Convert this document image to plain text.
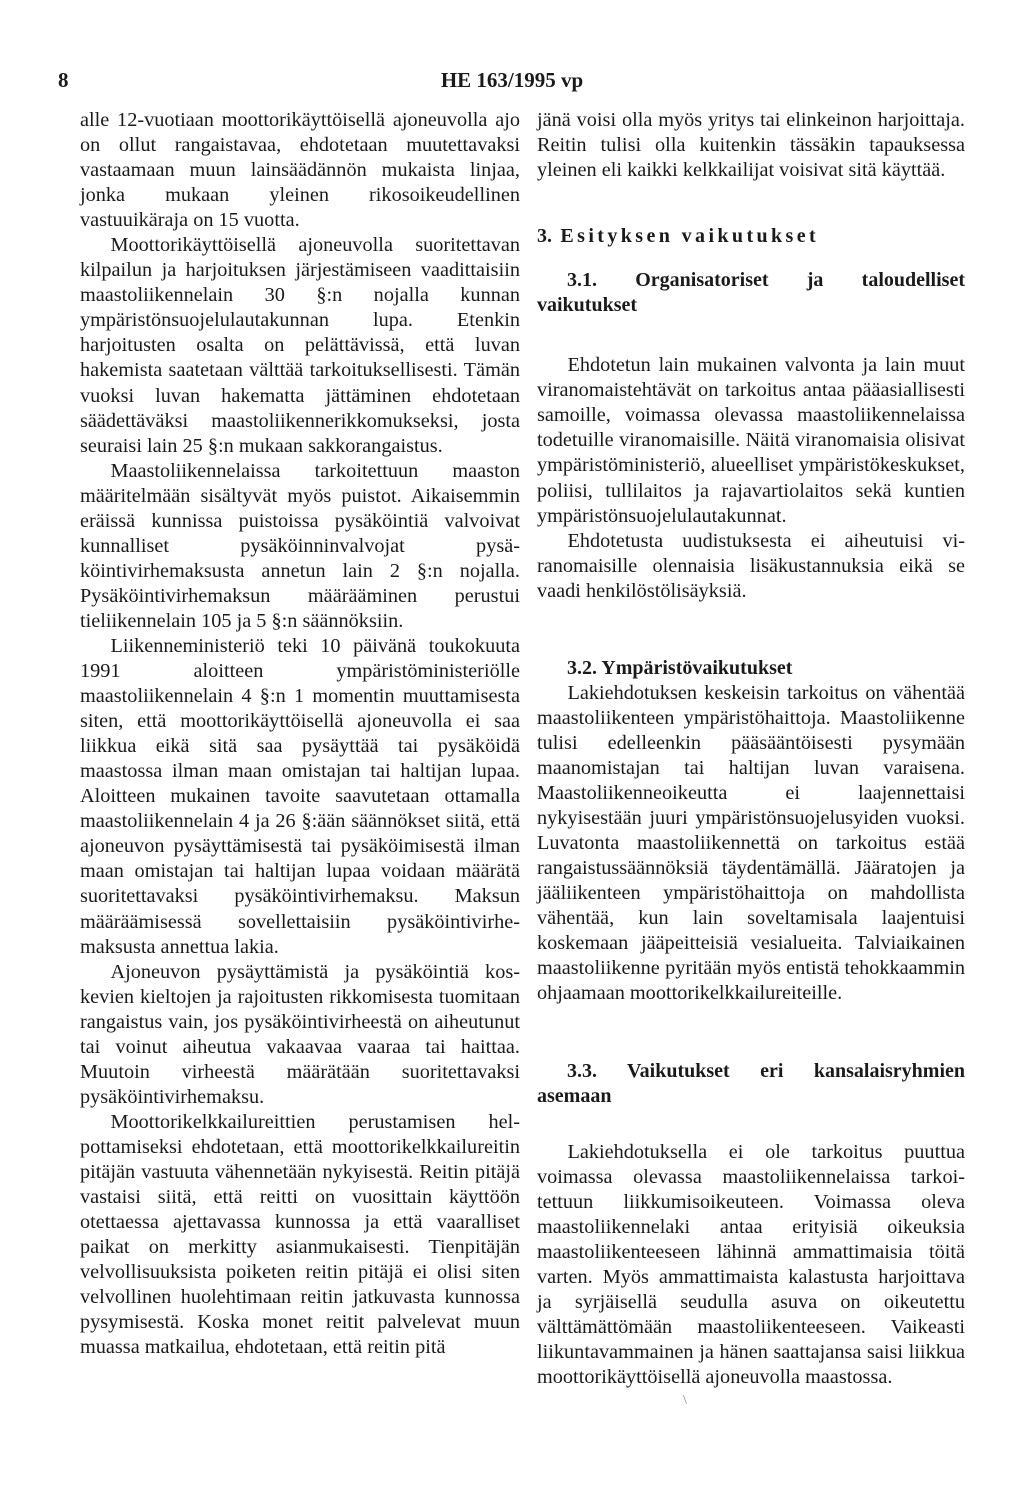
8	HE 163/1995 vp

alle 12-vuotiaan moottorikäyttöisellä ajoneuvolla ajo on ollut rangaistavaa, ehdotetaan muutettavaksi vastaamaan muun lainsäädännön mukaista linjaa, jonka mukaan yleinen rikosoikeudellinen vastuuikäraja on 15 vuotta.

Moottorikäyttöisellä ajoneuvolla suoritettavan kilpailun ja harjoituksen järjestämiseen vaadittaisiin maastoliikennelain 30 §:n nojalla kunnan ympäristönsuojelulautakunnan lupa. Etenkin harjoitusten osalta on pelättävissä, että luvan hakemista saatetaan välttää tarkoituksellisesti. Tämän vuoksi luvan hakematta jättäminen ehdotetaan säädettäväksi maastoliikennerikkomukseksi, josta seuraisi lain 25 §:n mukaan sakkorangaistus.

Maastoliikennelaissa tarkoitettuun maaston määritelmään sisältyvät myös puistot. Aikaisemmin eräissä kunnissa puistoissa pysäköintiä valvoivat kunnalliset pysäköinninvalvojat pysäköintivirhemaksusta annetun lain 2 §:n nojalla. Pysäköintivirhemaksun määrääminen perustui tieliikennelain 105 ja 5 §:n säännöksiin.

Liikenneministeriö teki 10 päivänä toukokuuta 1991 aloitteen ympäristöministeriölle maastoliikennelain 4 §:n 1 momentin muuttamisesta siten, että moottorikäyttöisellä ajoneuvolla ei saa liikkua eikä sitä saa pysäyttää tai pysäköidä maastossa ilman maan omistajan tai haltijan lupaa. Aloitteen mukainen tavoite saavutetaan ottamalla maastoliikennelain 4 ja 26 §:ään säännökset siitä, että ajoneuvon pysäyttämisestä tai pysäköimisestä ilman maan omistajan tai haltijan lupaa voidaan määrätä suoritettavaksi pysäköintivirhemaksu. Maksun määräämisessä sovellettaisiin pysäköintivirhemaksusta annettua lakia.

Ajoneuvon pysäyttämistä ja pysäköintiä koskevien kieltojen ja rajoitusten rikkomisesta tuomitaan rangaistus vain, jos pysäköintivirheestä on aiheutunut tai voinut aiheutua vakaavaa vaaraa tai haittaa. Muutoin virheestä määrätään suoritettavaksi pysäköintivirhemaksu.

Moottorikelkkailureittien perustamisen helpottamiseksi ehdotetaan, että moottorikelkkailureitin pitäjän vastuuta vähennetään nykyisestä. Reitin pitäjä vastaisi siitä, että reitti on vuosittain käyttöön otettaessa ajettavassa kunnossa ja että vaaralliset paikat on merkitty asianmukaisesti. Tienpitäjän velvollisuuksista poiketen reitin pitäjä ei olisi siten velvollinen huolehtimaan reitin jatkuvasta kunnossa pysymisestä. Koska monet reitit palvelevat muun muassa matkailua, ehdotetaan, että reitin pitä

jänä voisi olla myös yritys tai elinkeinon harjoittaja. Reitin tulisi olla kuitenkin tässäkin tapauksessa yleinen eli kaikki kelkkailijat voisivat sitä käyttää.

3. Esityksen vaikutukset

3.1. Organisatoriset ja taloudelliset vaikutukset

Ehdotetun lain mukainen valvonta ja lain muut viranomaistehtävät on tarkoitus antaa pääasiallisesti samoille, voimassa olevassa maastoliikennelaissa todetuille viranomaisille. Näitä viranomaisia olisivat ympäristöministeriö, alueelliset ympäristökeskukset, poliisi, tullilaitos ja rajavartiolaitos sekä kuntien ympäristönsuojelulautakunnat.

Ehdotetusta uudistuksesta ei aiheutuisi viranomaisille olennaisia lisäkustannuksia eikä se vaadi henkilöstölisäyksiä.

3.2. Ympäristövaikutukset

Lakiehdotuksen keskeisin tarkoitus on vähentää maastoliikenteen ympäristöhaittoja. Maastoliikenne tulisi edelleenkin pääsääntöisesti pysymään maanomistajan tai haltijan luvan varaisena. Maastoliikenneoikeutta ei laajennettaisi nykyisestään juuri ympäristönsuojelusyiden vuoksi. Luvatonta maastoliikennettä on tarkoitus estää rangaistussäännöksiä täydentämällä. Jääratojen ja jääliikenteen ympäristöhaittoja on mahdollista vähentää, kun lain soveltamisala laajentuisi koskemaan jääpeitteisiä vesialueita. Talviaikainen maastoliikenne pyritään myös entistä tehokkaammin ohjaamaan moottorikelkkailureiteille.

3.3. Vaikutukset eri kansalaisryhmien asemaan

Lakiehdotuksella ei ole tarkoitus puuttua voimassa olevassa maastoliikennelaissa tarkoitettuun liikkumisoikeuteen. Voimassa oleva maastoliikennelaki antaa erityisiä oikeuksia maastoliikenteeseen lähinnä ammattimaisia töitä varten. Myös ammattimaista kalastusta harjoittava ja syrjäisellä seudulla asuva on oikeutettu välttämättömään maastoliikenteeseen. Vaikeasti liikuntavammainen ja hänen saattajansa saisi liikkua moottorikäyttöisellä ajoneuvolla maastossa.

\
